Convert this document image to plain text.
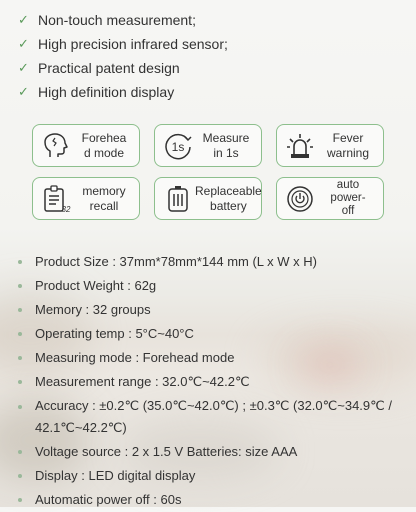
✓ Non-touch measurement;
✓ High precision infrared sensor;
✓ Practical patent design
✓ High definition display
Forehea
d mode	1s
Measure
in 1s
Fever
warning
32
memory
recall
Replaceable
battery
auto
power-
off
Product Size : 37mm*78mm*144 mm (L x W x H)
Product Weight : 62g
Memory : 32 groups
Operating temp : 5°C~40°C
Measuring mode : Forehead mode
Measurement range : 32.0℃~42.2℃
Accuracy : ±0.2℃ (35.0℃~42.0℃) ; ±0.3℃ (32.0℃~34.9℃ / 42.1℃~42.2℃)
Voltage source : 2 x 1.5 V Batteries: size AAA
Display : LED digital display
Automatic power off : 60s
